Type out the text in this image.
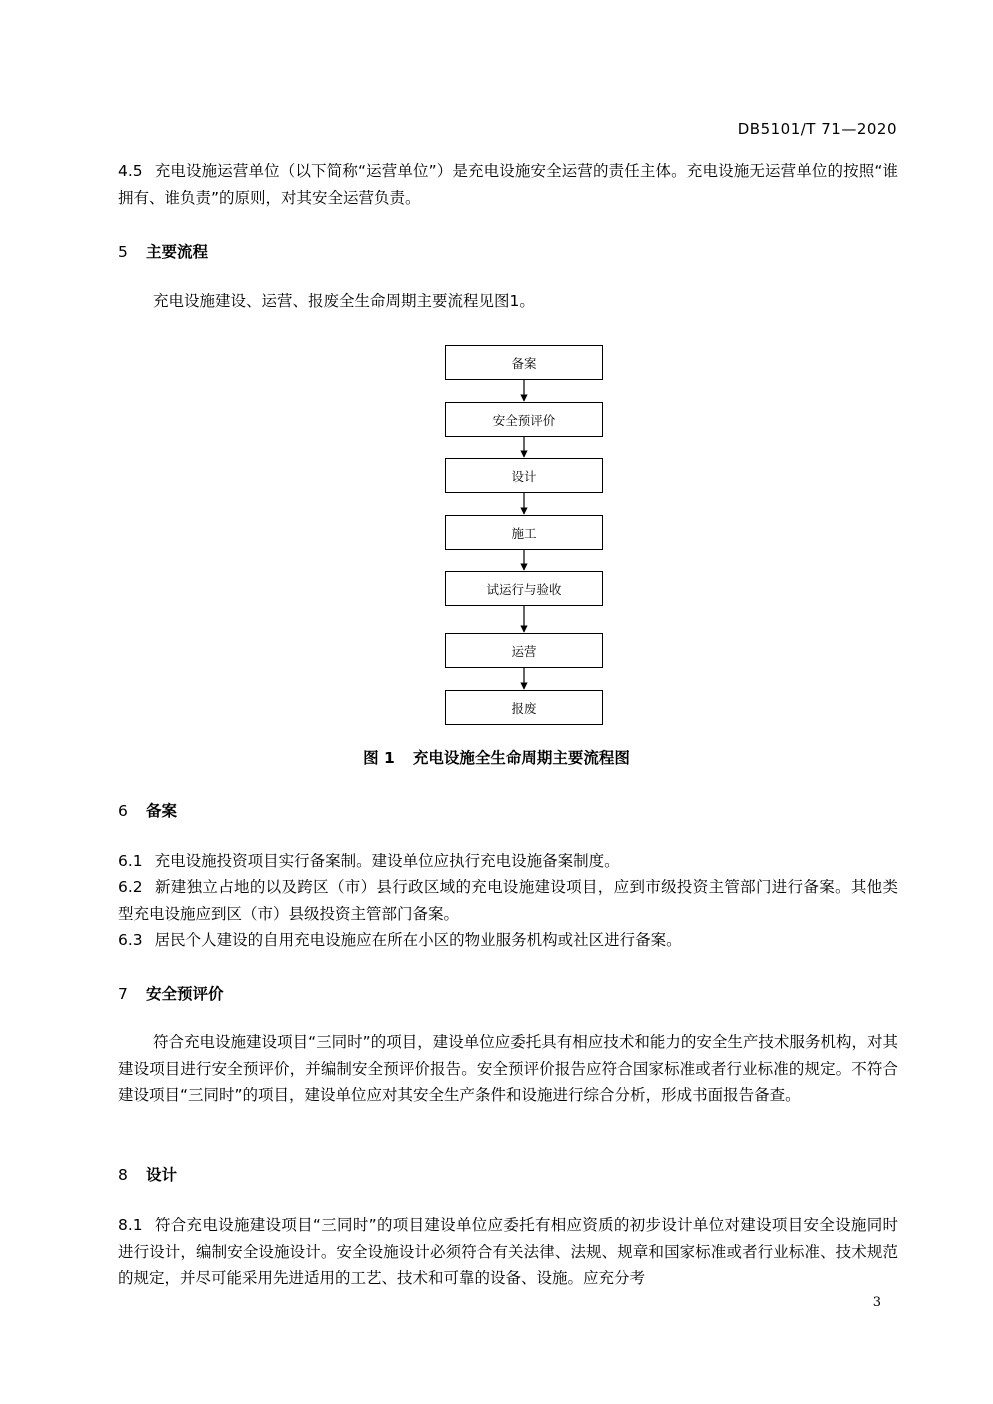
DB5101/T 71—2020
4.5 充电设施运营单位（以下简称“运营单位”）是充电设施安全运营的责任主体。充电设施无运营单位的按照“谁拥有、谁负责”的原则，对其安全运营负责。
5 主要流程
充电设施建设、运营、报废全生命周期主要流程见图1。
备案
安全预评价
设计
施工
试运行与验收
运营
报废
图 1 充电设施全生命周期主要流程图
6 备案
6.1 充电设施投资项目实行备案制。建设单位应执行充电设施备案制度。
6.2 新建独立占地的以及跨区（市）县行政区域的充电设施建设项目，应到市级投资主管部门进行备案。其他类型充电设施应到区（市）县级投资主管部门备案。
6.3 居民个人建设的自用充电设施应在所在小区的物业服务机构或社区进行备案。
7 安全预评价
符合充电设施建设项目“三同时”的项目，建设单位应委托具有相应技术和能力的安全生产技术服务机构，对其建设项目进行安全预评价，并编制安全预评价报告。安全预评价报告应符合国家标准或者行业标准的规定。不符合建设项目“三同时”的项目，建设单位应对其安全生产条件和设施进行综合分析，形成书面报告备查。
8 设计
8.1 符合充电设施建设项目“三同时”的项目建设单位应委托有相应资质的初步设计单位对建设项目安全设施同时进行设计，编制安全设施设计。安全设施设计必须符合有关法律、法规、规章和国家标准或者行业标准、技术规范的规定，并尽可能采用先进适用的工艺、技术和可靠的设备、设施。应充分考
3
